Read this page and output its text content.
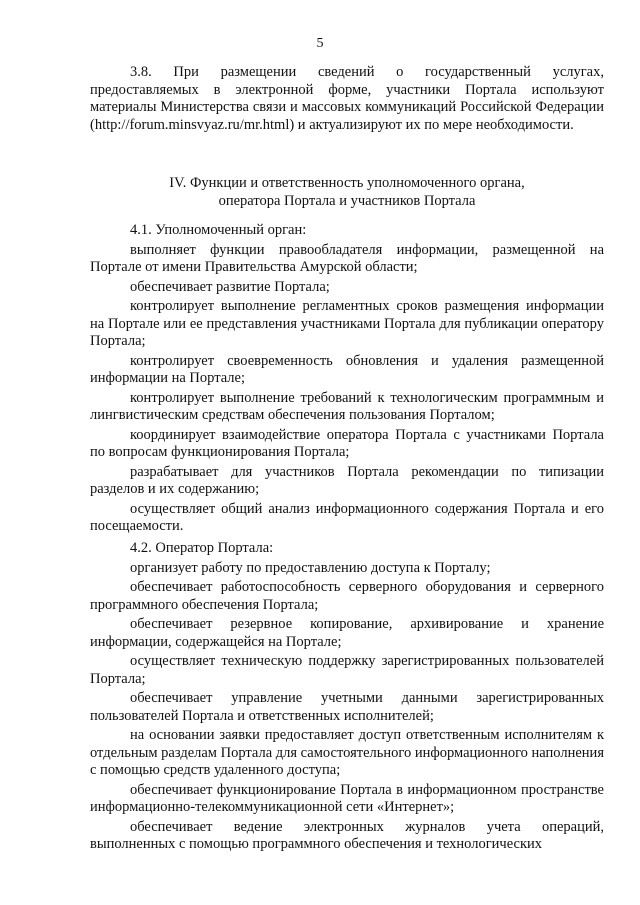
5

3.8. При размещении сведений о государственный услугах, предоставляемых в электронной форме, участники Портала используют материалы Министерства связи и массовых коммуникаций Российской Федерации (http://forum.minsvyaz.ru/mr.html) и актуализируют их по мере необходимости.

IV. Функции и ответственность уполномоченного органа,
оператора Портала и участников Портала

4.1. Уполномоченный орган:

выполняет функции правообладателя информации, размещенной на Портале от имени Правительства Амурской области;

обеспечивает развитие Портала;

контролирует выполнение регламентных сроков размещения информации на Портале или ее представления участниками Портала для публикации оператору Портала;

контролирует своевременность обновления и удаления размещенной информации на Портале;

контролирует выполнение требований к технологическим программным и лингвистическим средствам обеспечения пользования Порталом;

координирует взаимодействие оператора Портала с участниками Портала по вопросам функционирования Портала;

разрабатывает для участников Портала рекомендации по типизации разделов и их содержанию;

осуществляет общий анализ информационного содержания Портала и его посещаемости.

4.2. Оператор Портала:

организует работу по предоставлению доступа к Порталу;

обеспечивает работоспособность серверного оборудования и серверного программного обеспечения Портала;

обеспечивает резервное копирование, архивирование и хранение информации, содержащейся на Портале;

осуществляет техническую поддержку зарегистрированных пользователей Портала;

обеспечивает управление учетными данными зарегистрированных пользователей Портала и ответственных исполнителей;

на основании заявки предоставляет доступ ответственным исполнителям к отдельным разделам Портала для самостоятельного информационного наполнения с помощью средств удаленного доступа;

обеспечивает функционирование Портала в информационном пространстве информационно-телекоммуникационной сети «Интернет»;

обеспечивает ведение электронных журналов учета операций, выполненных с помощью программного обеспечения и технологических
